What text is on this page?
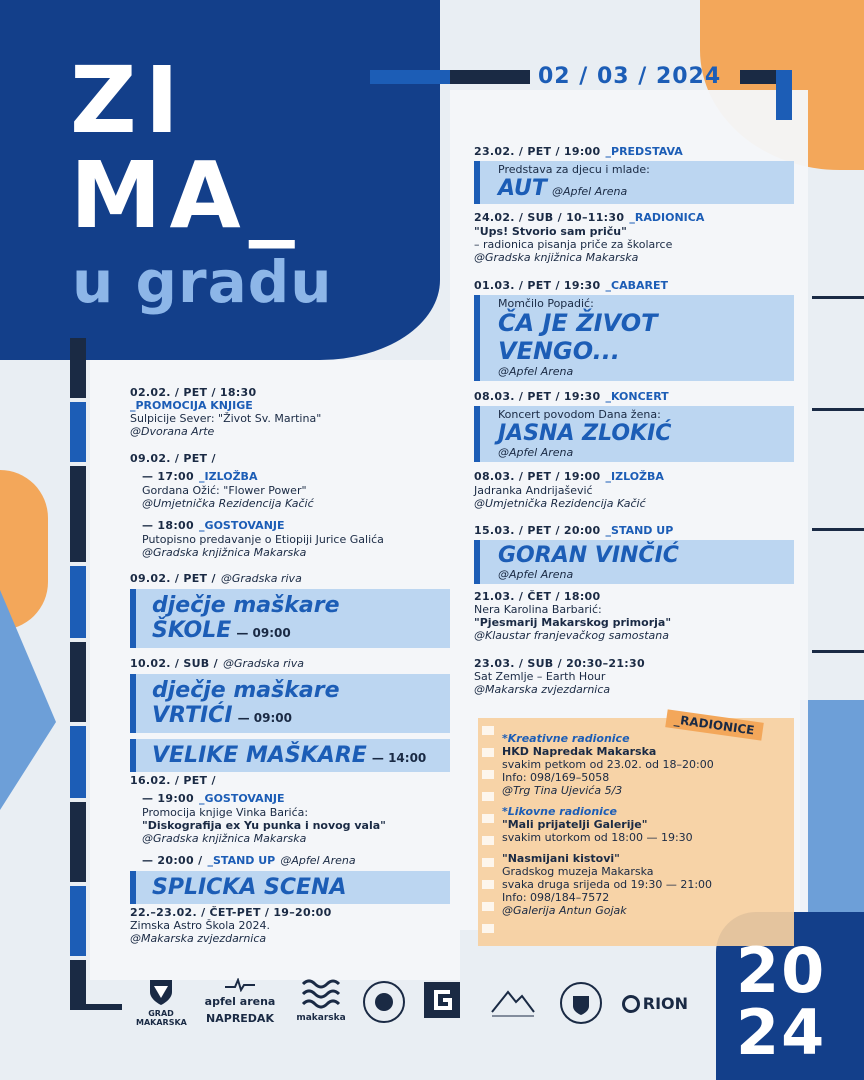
ZI
MA_
u gradu
02 / 03 / 2024
02.02. / PET / 18:30
_PROMOCIJA KNJIGE
Sulpicije Sever: "Život Sv. Martina"
@Dvorana Arte
09.02. / PET /
— 17:00 _IZLOŽBA
Gordana Ožić: "Flower Power"
@Umjetnička Rezidencija Kačić
— 18:00 _GOSTOVANJE
Putopisno predavanje o Etiopiji Jurice Galića
@Gradska knjižnica Makarska
09.02. / PET / @Gradska riva
dječje maškare
ŠKOLE — 09:00
10.02. / SUB / @Gradska riva
dječje maškare
VRTIĆI — 09:00
VELIKE MAŠKARE — 14:00
16.02. / PET /
— 19:00 _GOSTOVANJE
Promocija knjige Vinka Barića:
"Diskografija ex Yu punka i novog vala"
@Gradska knjižnica Makarska
— 20:00 / _STAND UP @Apfel Arena
SPLICKA SCENA
22.–23.02. / ČET-PET / 19–20:00
Zimska Astro Škola 2024.
@Makarska zvjezdarnica
23.02. / PET / 19:00 _PREDSTAVA
Predstava za djecu i mlade:
AUT @Apfel Arena
24.02. / SUB / 10–11:30 _RADIONICA
"Ups! Stvorio sam priču"
– radionica pisanja priče za školarce
@Gradska knjižnica Makarska
01.03. / PET / 19:30 _CABARET
Momčilo Popadić:
ČA JE ŽIVOT
VENGO...
@Apfel Arena
08.03. / PET / 19:30 _KONCERT
Koncert povodom Dana žena:
JASNA ZLOKIĆ
@Apfel Arena
08.03. / PET / 19:00 _IZLOŽBA
Jadranka Andrijašević
@Umjetnička Rezidencija Kačić
15.03. / PET / 20:00 _STAND UP
GORAN VINČIĆ
@Apfel Arena
21.03. / ČET / 18:00
Nera Karolina Barbarić:
"Pjesmarij Makarskog primorja"
@Klaustar franjevačkog samostana
23.03. / SUB / 20:30–21:30
Sat Zemlje – Earth Hour
@Makarska zvjezdarnica
_RADIONICE
*Kreativne radionice
HKD Napredak Makarska
svakim petkom od 23.02. od 18–20:00
Info: 098/169–5058
@Trg Tina Ujevića 5/3
*Likovne radionice
"Mali prijatelji Galerije"
svakim utorkom od 18:00 — 19:30
"Nasmijani kistovi"
Gradskog muzeja Makarska
svaka druga srijeda od 19:30 — 21:00
Info: 098/184–7572
@Galerija Antun Gojak
20
24
GRAD MAKARSKA
apfel arena
NAPREDAK	makarska
RION
